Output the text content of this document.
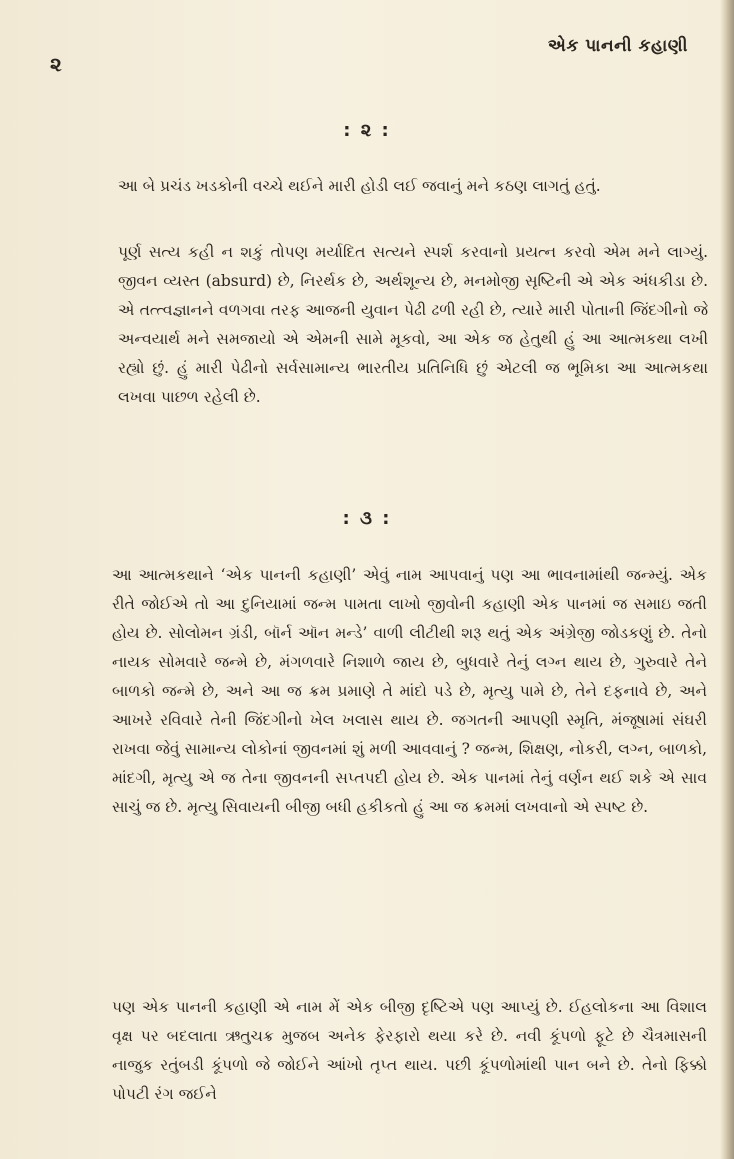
૨
એક પાનની કહાણી
: ૨ :

આ બે પ્રચંડ ખડકોની વચ્ચે થઈને મારી હોડી લઈ જવાનું મને કઠણ લાગતું હતું.

પૂર્ણ સત્ય કહી ન શકું તોપણ મર્યાદિત સત્યને સ્પર્શ કરવાનો પ્રયત્ન કરવો એમ મને લાગ્યું. જીવન વ્યસ્ત (absurd) છે, નિરર્થક છે, અર્થશૂન્ય છે, મનમોજી સૃષ્ટિની એ એક અંધકીડા છે. એ તત્ત્વજ્ઞાનને વળગવા તરફ આજની યુવાન પેઢી ઢળી રહી છે, ત્યારે મારી પોતાની જિંદગીનો જે અન્વયાર્થ મને સમજાયો એ એમની સામે મૂકવો, આ એક જ હેતુથી હું આ આત્મકથા લખી રહ્યો છું. હું મારી પેઢીનો સર્વસામાન્ય ભારતીય પ્રતિનિધિ છું એટલી જ ભૂમિકા આ આત્મકથા લખવા પાછળ રહેલી છે.

: ૩ :

આ આત્મકથાને ‘એક પાનની કહાણી’ એવું નામ આપવાનું પણ આ ભાવનામાંથી જન્મ્યું. એક રીતે જોઈએ તો આ દુનિયામાં જન્મ પામતા લાખો જીવોની કહાણી એક પાનમાં જ સમાઇ જતી હોય છે. સોલોમન ગ્રંડી, બૉર્ન ઑન મન્ડે’ વાળી લીટીથી શરૂ થતું એક અંગ્રેજી જોડકણું છે. તેનો નાયક સોમવારે જન્મે છે, મંગળવારે નિશાળે જાય છે, બુધવારે તેનું લગ્ન થાય છે, ગુરુવારે તેને બાળકો જન્મે છે, અને આ જ ક્રમ પ્રમાણે તે માંદો પડે છે, મૃત્યુ પામે છે, તેને દફનાવે છે, અને આખરે રવિવારે તેની જિંદગીનો ખેલ ખલાસ થાય છે. જગતની આપણી સ્મૃતિ, મંજૂષામાં સંઘરી રાખવા જેવું સામાન્ય લોકોનાં જીવનમાં શું મળી આવવાનું ? જન્મ, શિક્ષણ, નોકરી, લગ્ન, બાળકો, માંદગી, મૃત્યુ એ જ તેના જીવનની સપ્તપદી હોય છે. એક પાનમાં તેનું વર્ણન થઈ શકે એ સાવ સાચું જ છે. મૃત્યુ સિવાયની બીજી બધી હકીકતો હું આ જ ક્રમમાં લખવાનો એ સ્પષ્ટ છે.

પણ એક પાનની કહાણી એ નામ મેં એક બીજી દૃષ્ટિએ પણ આપ્યું છે. ઈહલોકના આ વિશાલ વૃક્ષ પર બદલાતા ઋતુચક્ર મુજબ અનેક ફેરફારો થયા કરે છે. નવી કૂંપળો ફૂટે છે ચૈત્રમાસની નાજુક રતુંબડી કૂંપળો જે જોઈને આંખો તૃપ્ત થાય. પછી કૂંપળોમાંથી પાન બને છે. તેનો ફિક્કો પોપટી રંગ જઈને
